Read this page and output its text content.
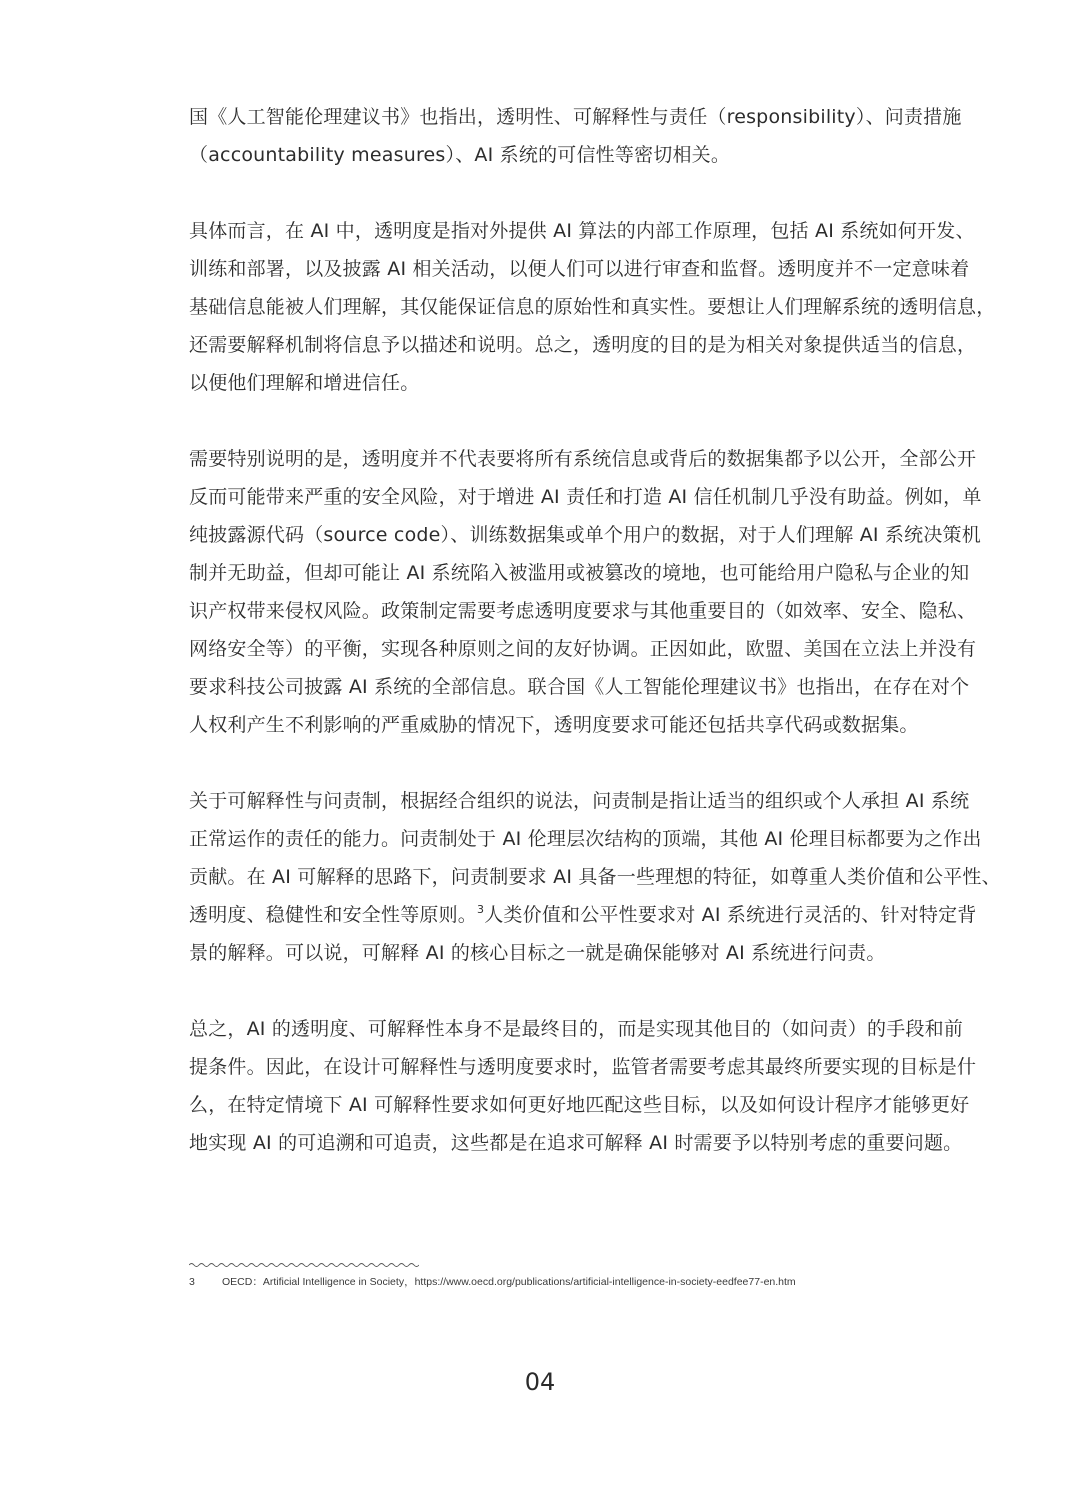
国《人工智能伦理建议书》也指出，透明性、可解释性与责任（responsibility）、问责措施
（accountability measures）、AI 系统的可信性等密切相关。

具体而言，在 AI 中，透明度是指对外提供 AI 算法的内部工作原理，包括 AI 系统如何开发、
训练和部署，以及披露 AI 相关活动，以便人们可以进行审查和监督。透明度并不一定意味着
基础信息能被人们理解，其仅能保证信息的原始性和真实性。要想让人们理解系统的透明信息，
还需要解释机制将信息予以描述和说明。总之，透明度的目的是为相关对象提供适当的信息，
以便他们理解和增进信任。

需要特别说明的是，透明度并不代表要将所有系统信息或背后的数据集都予以公开，全部公开
反而可能带来严重的安全风险，对于增进 AI 责任和打造 AI 信任机制几乎没有助益。例如，单
纯披露源代码（source code）、训练数据集或单个用户的数据，对于人们理解 AI 系统决策机
制并无助益，但却可能让 AI 系统陷入被滥用或被篡改的境地，也可能给用户隐私与企业的知
识产权带来侵权风险。政策制定需要考虑透明度要求与其他重要目的（如效率、安全、隐私、
网络安全等）的平衡，实现各种原则之间的友好协调。正因如此，欧盟、美国在立法上并没有
要求科技公司披露 AI 系统的全部信息。联合国《人工智能伦理建议书》也指出，在存在对个
人权利产生不利影响的严重威胁的情况下，透明度要求可能还包括共享代码或数据集。

关于可解释性与问责制，根据经合组织的说法，问责制是指让适当的组织或个人承担 AI 系统
正常运作的责任的能力。问责制处于 AI 伦理层次结构的顶端，其他 AI 伦理目标都要为之作出
贡献。在 AI 可解释的思路下，问责制要求 AI 具备一些理想的特征，如尊重人类价值和公平性、
透明度、稳健性和安全性等原则。$^3$人类价值和公平性要求对 AI 系统进行灵活的、针对特定背
景的解释。可以说，可解释 AI 的核心目标之一就是确保能够对 AI 系统进行问责。

总之，AI 的透明度、可解释性本身不是最终目的，而是实现其他目的（如问责）的手段和前
提条件。因此，在设计可解释性与透明度要求时，监管者需要考虑其最终所要实现的目标是什
么，在特定情境下 AI 可解释性要求如何更好地匹配这些目标，以及如何设计程序才能够更好
地实现 AI 的可追溯和可追责，这些都是在追求可解释 AI 时需要予以特别考虑的重要问题。

3	OECD：Artificial Intelligence in Society，https://www.oecd.org/publications/artificial-intelligence-in-society-eedfee77-en.htm
04
